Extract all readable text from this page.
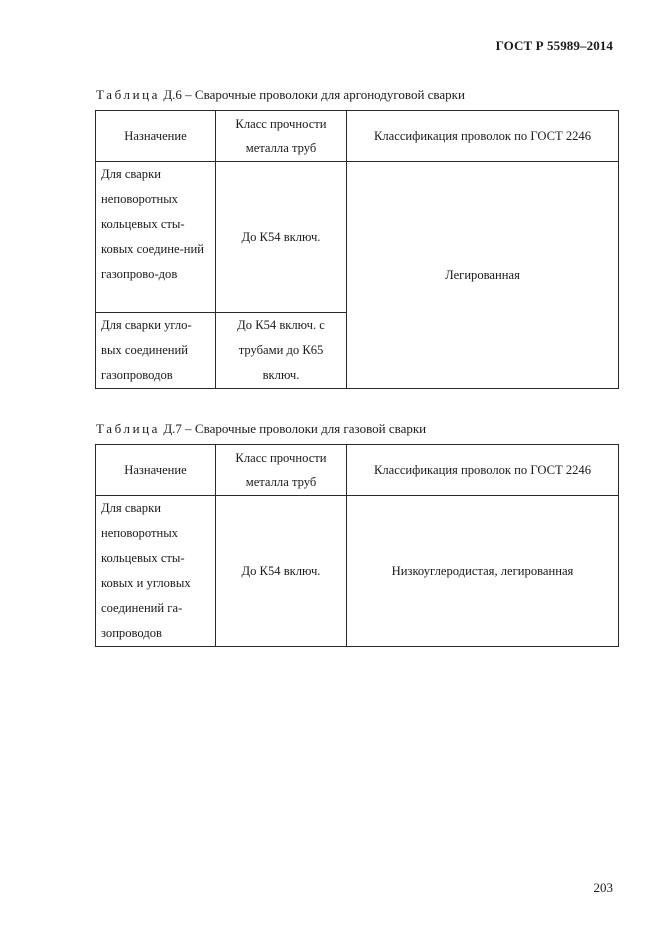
ГОСТ Р 55989–2014
Таблица Д.6 – Сварочные проволоки для аргонодуговой сварки
Назначение	Класс прочности металла труб	Классификация проволок по ГОСТ 2246
Для сварки неповоротных кольцевых сты-ковых соедине-ний газопрово-дов	До К54 включ.	Легированная
Для сварки угло-вых соединений газопроводов	До К54 включ. с трубами до К65 включ.	
Таблица Д.7 – Сварочные проволоки для газовой сварки
Назначение	Класс прочности металла труб	Классификация проволок по ГОСТ 2246
Для сварки неповоротных кольцевых сты-ковых и угловых соединений га-зопроводов	До К54 включ.	Низкоуглеродистая, легированная
203
